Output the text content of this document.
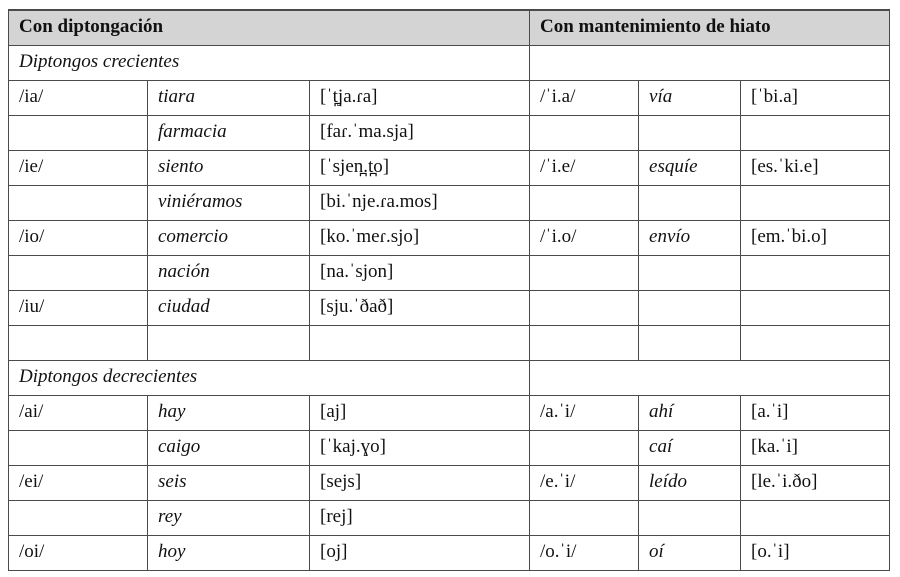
Con diptongación			Con mantenimiento de hiato		
Diptongos crecientes					
/ia/	tiara	[ˈt̪ja.ɾa]	/ˈi.a/	vía	[ˈbi.a]
	farmacia	[faɾ.ˈma.sja]			
/ie/	siento	[ˈsjen̪.t̪o]	/ˈi.e/	esquíe	[es.ˈki.e]
	viniéramos	[bi.ˈnje.ɾa.mos]			
/io/	comercio	[ko.ˈmeɾ.sjo]	/ˈi.o/	envío	[em.ˈbi.o]
	nación	[na.ˈsjon]			
/iu/	ciudad	[sju.ˈðað]			

Diptongos decrecientes					
/ai/	hay	[aj]	/a.ˈi/	ahí	[a.ˈi]
	caigo	[ˈkaj.ɣo]		caí	[ka.ˈi]
/ei/	seis	[sejs]	/e.ˈi/	leído	[le.ˈi.ðo]
	rey	[rej]			
/oi/	hoy	[oj]	/o.ˈi/	oí	[o.ˈi]
